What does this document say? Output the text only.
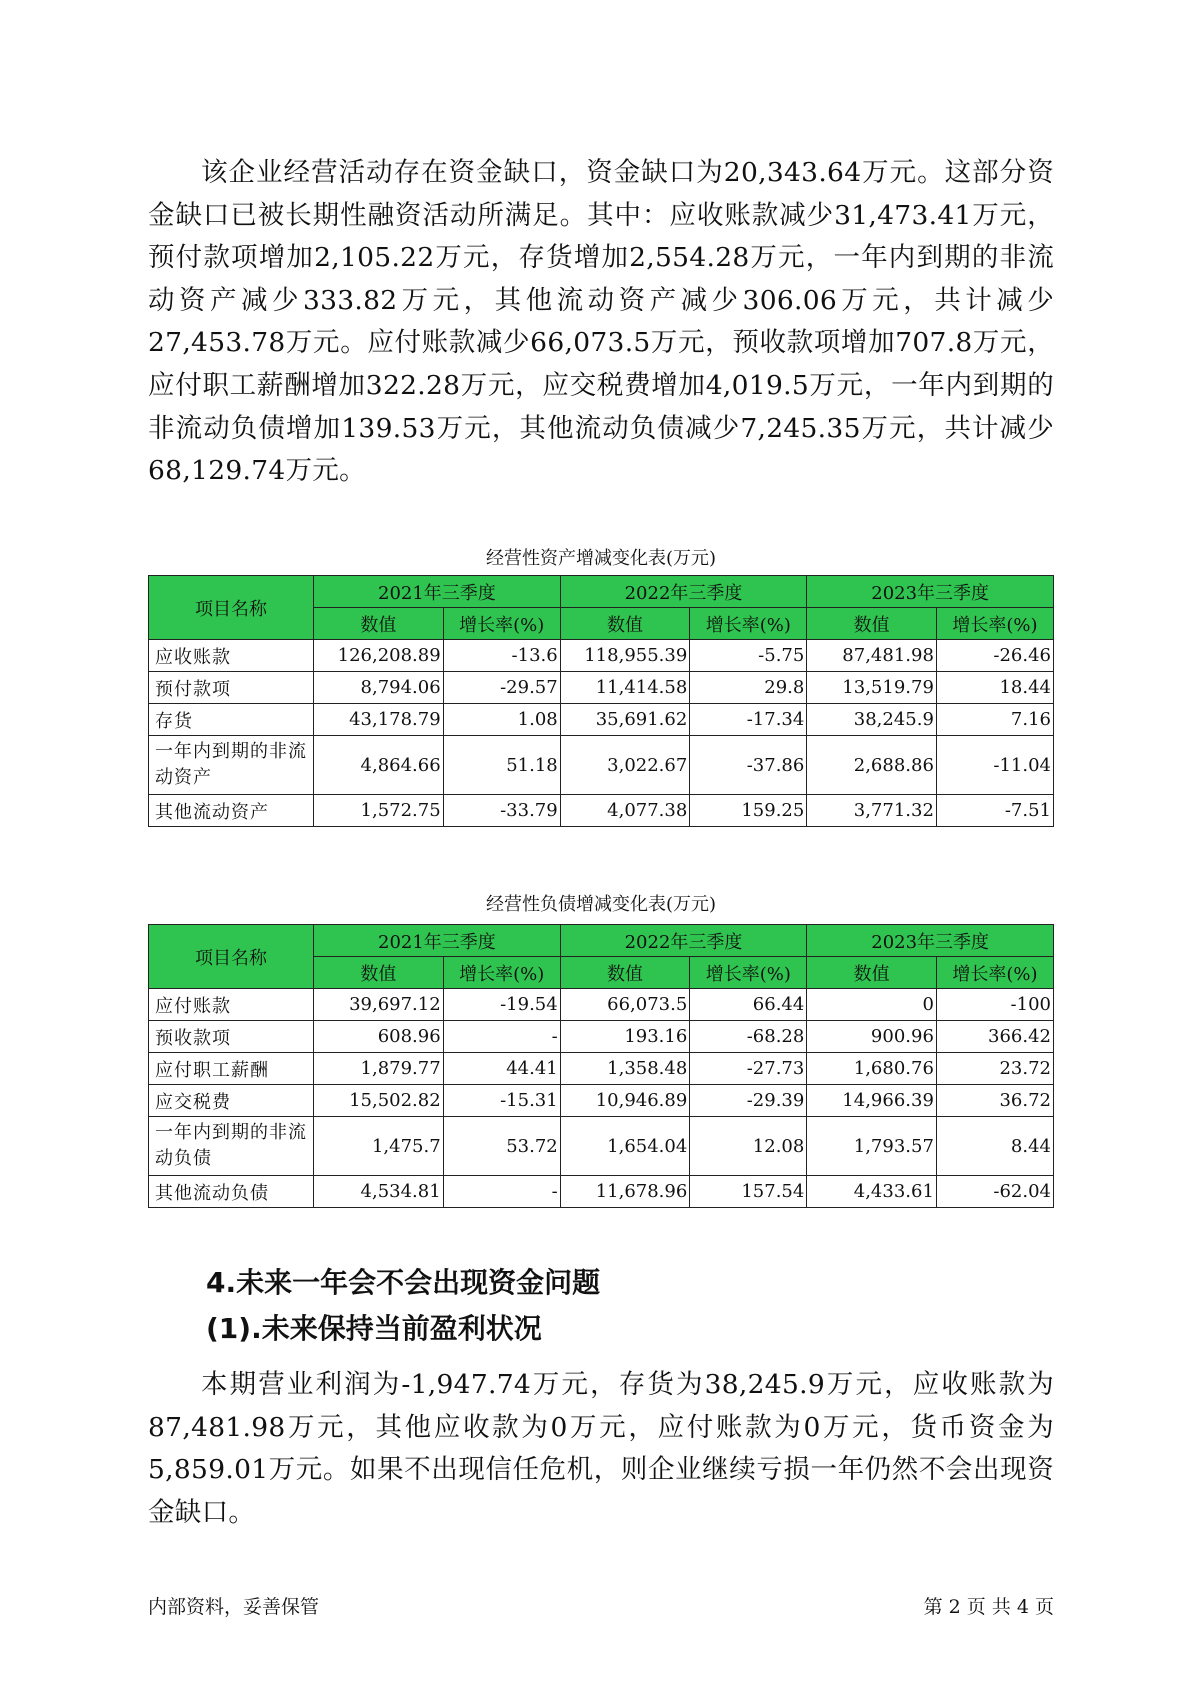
该企业经营活动存在资金缺口，资金缺口为20,343.64万元。这部分资金缺口已被长期性融资活动所满足。其中：应收账款减少31,473.41万元，预付款项增加2,105.22万元，存货增加2,554.28万元，一年内到期的非流动资产减少333.82万元，其他流动资产减少306.06万元，共计减少27,453.78万元。应付账款减少66,073.5万元，预收款项增加707.8万元，应付职工薪酬增加322.28万元，应交税费增加4,019.5万元，一年内到期的非流动负债增加139.53万元，其他流动负债减少7,245.35万元，共计减少68,129.74万元。

经营性资产增减变化表(万元)
项目名称	2021年三季度		2022年三季度		2023年三季度	
	数值	增长率(%)	数值	增长率(%)	数值	增长率(%)
应收账款	126,208.89	-13.6	118,955.39	-5.75	87,481.98	-26.46
预付款项	8,794.06	-29.57	11,414.58	29.8	13,519.79	18.44
存货	43,178.79	1.08	35,691.62	-17.34	38,245.9	7.16
一年内到期的非流动资产	4,864.66	51.18	3,022.67	-37.86	2,688.86	-11.04
其他流动资产	1,572.75	-33.79	4,077.38	159.25	3,771.32	-7.51
经营性负债增减变化表(万元)
项目名称	2021年三季度		2022年三季度		2023年三季度	
	数值	增长率(%)	数值	增长率(%)	数值	增长率(%)
应付账款	39,697.12	-19.54	66,073.5	66.44	0	-100
预收款项	608.96	-	193.16	-68.28	900.96	366.42
应付职工薪酬	1,879.77	44.41	1,358.48	-27.73	1,680.76	23.72
应交税费	15,502.82	-15.31	10,946.89	-29.39	14,966.39	36.72
一年内到期的非流动负债	1,475.7	53.72	1,654.04	12.08	1,793.57	8.44
其他流动负债	4,534.81	-	11,678.96	157.54	4,433.61	-62.04
4.未来一年会不会出现资金问题
(1).未来保持当前盈利状况

本期营业利润为-1,947.74万元，存货为38,245.9万元，应收账款为87,481.98万元，其他应收款为0万元，应付账款为0万元，货币资金为5,859.01万元。如果不出现信任危机，则企业继续亏损一年仍然不会出现资金缺口。

内部资料，妥善保管	第 2 页 共 4 页
